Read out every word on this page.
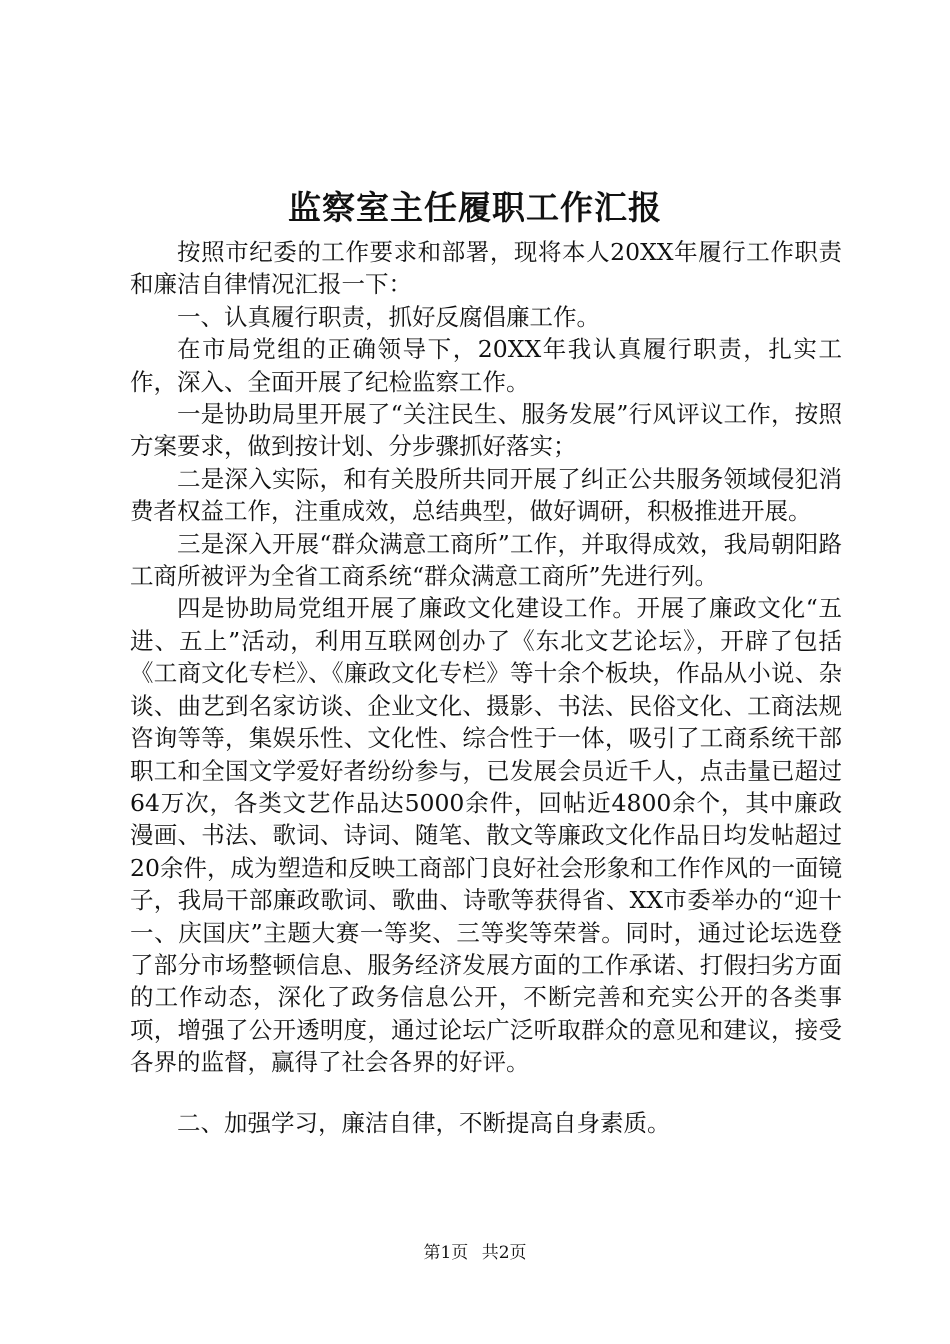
监察室主任履职工作汇报

按照市纪委的工作要求和部署，现将本人20XX年履行工作职责和廉洁自律情况汇报一下：

一、认真履行职责，抓好反腐倡廉工作。

在市局党组的正确领导下，20XX年我认真履行职责，扎实工作，深入、全面开展了纪检监察工作。

一是协助局里开展了“关注民生、服务发展”行风评议工作，按照方案要求，做到按计划、分步骤抓好落实；

二是深入实际，和有关股所共同开展了纠正公共服务领域侵犯消费者权益工作，注重成效，总结典型，做好调研，积极推进开展。

三是深入开展“群众满意工商所”工作，并取得成效，我局朝阳路工商所被评为全省工商系统“群众满意工商所”先进行列。

四是协助局党组开展了廉政文化建设工作。开展了廉政文化“五进、五上”活动，利用互联网创办了《东北文艺论坛》，开辟了包括《工商文化专栏》、《廉政文化专栏》等十余个板块，作品从小说、杂谈、曲艺到名家访谈、企业文化、摄影、书法、民俗文化、工商法规咨询等等，集娱乐性、文化性、综合性于一体，吸引了工商系统干部职工和全国文学爱好者纷纷参与，已发展会员近千人，点击量已超过64万次，各类文艺作品达5000余件，回帖近4800余个，其中廉政漫画、书法、歌词、诗词、随笔、散文等廉政文化作品日均发帖超过20余件，成为塑造和反映工商部门良好社会形象和工作作风的一面镜子，我局干部廉政歌词、歌曲、诗歌等获得省、XX市委举办的“迎十一、庆国庆”主题大赛一等奖、三等奖等荣誉。同时，通过论坛选登了部分市场整顿信息、服务经济发展方面的工作承诺、打假扫劣方面的工作动态，深化了政务信息公开，不断完善和充实公开的各类事项，增强了公开透明度，通过论坛广泛听取群众的意见和建议，接受各界的监督，赢得了社会各界的好评。

二、加强学习，廉洁自律，不断提高自身素质。

第1页 共2页
